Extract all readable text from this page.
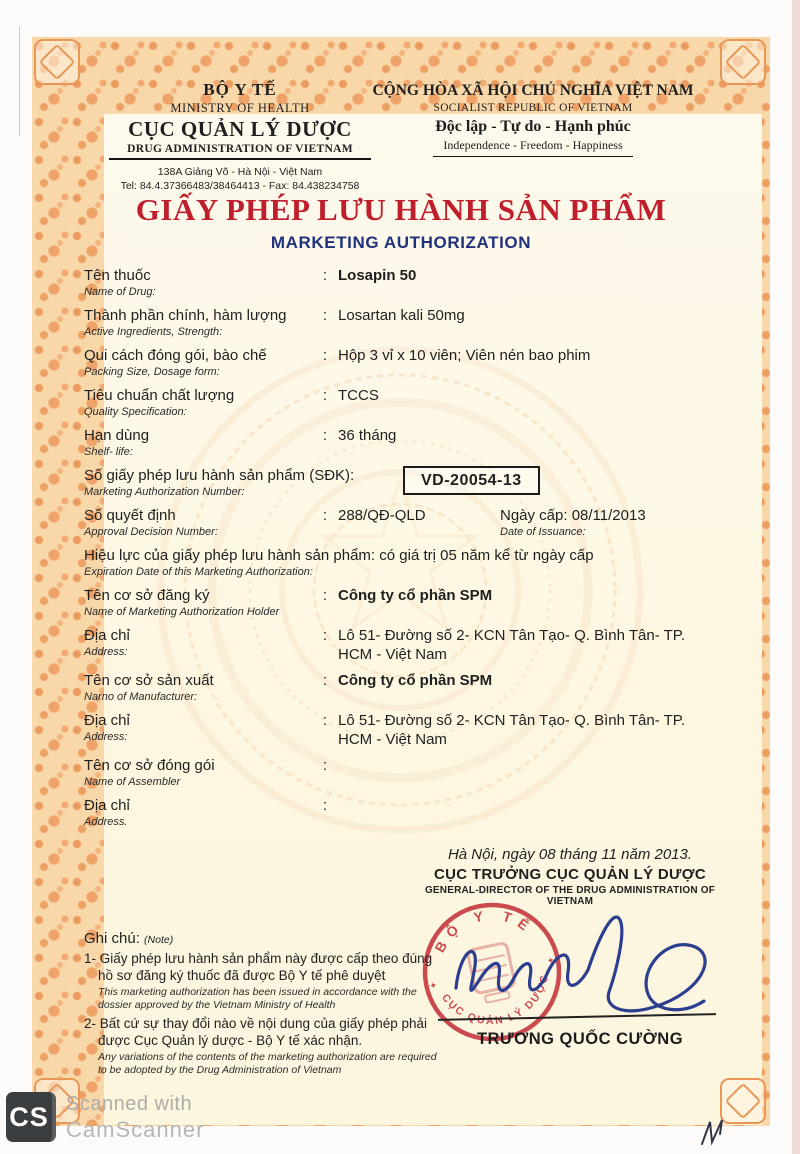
BỘ Y TẾ
MINISTRY OF HEALTH
CỤC QUẢN LÝ DƯỢC
DRUG ADMINISTRATION OF VIETNAM
138A Giảng Võ - Hà Nội - Việt Nam
Tel: 84.4.37366483/38464413 - Fax: 84.438234758
CỘNG HÒA XÃ HỘI CHỦ NGHĨA VIỆT NAM
SOCIALIST REPUBLIC OF VIETNAM
Độc lập - Tự do - Hạnh phúc
Independence - Freedom - Happiness
GIẤY PHÉP LƯU HÀNH SẢN PHẨM
MARKETING AUTHORIZATION
Tên thuốc
Name of Drug:
: Losapin 50
Thành phần chính, hàm lượng
Active Ingredients, Strength:
: Losartan kali 50mg
Qui cách đóng gói, bào chế
Packing Size, Dosage form:
: Hộp 3 vỉ x 10 viên; Viên nén bao phim
Tiêu chuẩn chất lượng
Quality Specification:
: TCCS
Hạn dùng
Shelf- life:
: 36 tháng
Số giấy phép lưu hành sản phẩm (SĐK):
Marketing Authorization Number:
VD-20054-13
Số quyết định
Approval Decision Number:
: 288/QĐ-QLD	Ngày cấp: 08/11/2013
Date of Issuance:
Hiệu lực của giấy phép lưu hành sản phẩm: có giá trị 05 năm kể từ ngày cấp
Expiration Date of this Marketing Authorization:
Tên cơ sở đăng ký
Name of Marketing Authorization Holder
: Công ty cổ phần SPM
Địa chỉ
Address:
: Lô 51- Đường số 2- KCN Tân Tạo- Q. Bình Tân- TP.
HCM - Việt Nam
Tên cơ sở sản xuất
Narno of Manufacturer:
: Công ty cổ phần SPM
Địa chỉ
Address:
: Lô 51- Đường số 2- KCN Tân Tạo- Q. Bình Tân- TP.
HCM - Việt Nam
Tên cơ sở đóng gói
Name of Assembler
:
Địa chỉ
Address.
:
Hà Nội, ngày 08 tháng 11 năm 2013.
CỤC TRƯỞNG CỤC QUẢN LÝ DƯỢC
GENERAL-DIRECTOR OF THE DRUG ADMINISTRATION OF VIETNAM
BỘ Y TẾ
CỤC QUẢN LÝ DƯỢC
✦
✦
TRƯƠNG QUỐC CƯỜNG
Ghi chú: (Note)
1- Giấy phép lưu hành sản phẩm này được cấp theo đúng hồ sơ đăng ký thuốc đã được Bộ Y tế phê duyệt
This marketing authorization has been issued in accordance with the dossier approved by the Vietnam Ministry of Health
2- Bất cứ sự thay đổi nào về nội dung của giấy phép phải được Cục Quản lý dược - Bộ Y tế xác nhận.
Any variations of the contents of the marketing authorization are required to be adopted by the Drug Administration of Vietnam
CS Scanned with
CamScanner
